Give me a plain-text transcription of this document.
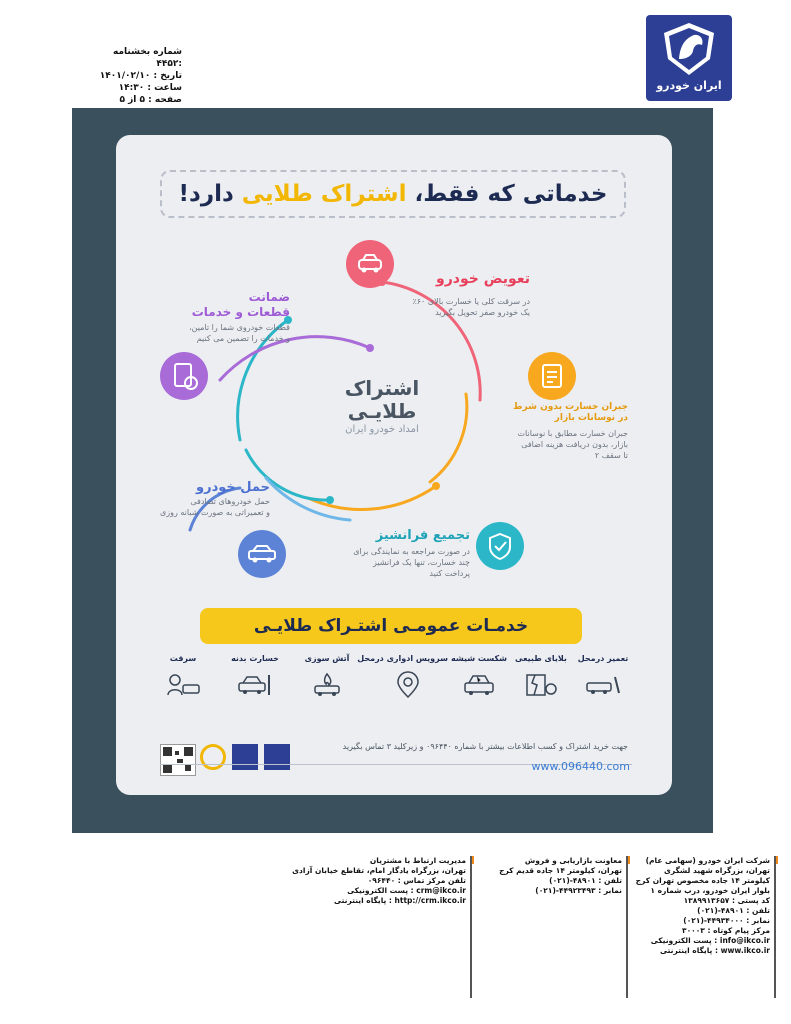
شماره بخشنامه :۴۴۵۲
تاریخ : ۱۴۰۱/۰۲/۱۰
ساعت : ۱۴:۳۰
صفحه : ۵ از ۵
ایران خودرو
خدماتی که فقط، اشتراک طلایی دارد!
اشتراک
طلایـی
امداد خودرو ایران
تعویض خودرو
در سرقت کلی یا خسارت بالای ۶۰٪
یک خودرو صفر تحویل بگیرید
ضمانت
قطعات و خدمات
قطعات خودروی شما را تامین،
و خدمات را تضمین می کنیم
جبران خسارت بدون شرط
در نوسانات بازار
جبران خسارت مطابق با نوسانات
بازار، بدون دریافت هزینه اضافی
تا سقف ۲
حمل خودرو
حمل خودروهای تصادفی
و تعمیراتی به صورت شبانه روزی
تجمیع فرانشیز
در صورت مراجعه به نمایندگی برای
چند خسارت، تنها یک فرانشیز
پرداخت کنید
خدمـات عمومـی اشتـراک طلایـی
تعمیر درمحل
بلایای طبیعی
شکست شیشه
سرویس ادواری درمحل
آتش سوزی
خسارت بدنه
سرقت
جهت خرید اشتراک و کسب اطلاعات بیشتر با شماره ۰۹۶۴۴۰ و زیرکلید ۳ تماس بگیرید
www.096440.com
مدیریت ارتباط با مشتریان
تهران، بزرگراه یادگار امام، تقاطع خیابان آزادی
تلفن مرکز تماس : ۰۹۶۴۴۰
crm@ikco.ir : پست الکترونیکی
http://crm.ikco.ir : پایگاه اینترنتی
معاونت بازاریابی و فروش
تهران، کیلومتر ۱۴ جاده قدیم کرج
تلفن : ۴۸۹۰۱-(۰۲۱)
نمابر : ۴۴۹۲۳۴۹۳-(۰۲۱)
شرکت ایران خودرو (سهامی عام)
تهران، بزرگراه شهید لشگری
کیلومتر ۱۴ جاده مخصوص تهران کرج
بلوار ایران خودرو، درب شماره ۱
کد پستی : ۱۳۸۹۹۱۳۶۵۷
تلفن : ۴۸۹۰۱-(۰۲۱)
نمابر : ۴۴۹۳۴۰۰۰-(۰۲۱)
مرکز پیام کوتاه : ۳۰۰۰۳
info@ikco.ir : پست الکترونیکی
www.ikco.ir : پایگاه اینترنتی
